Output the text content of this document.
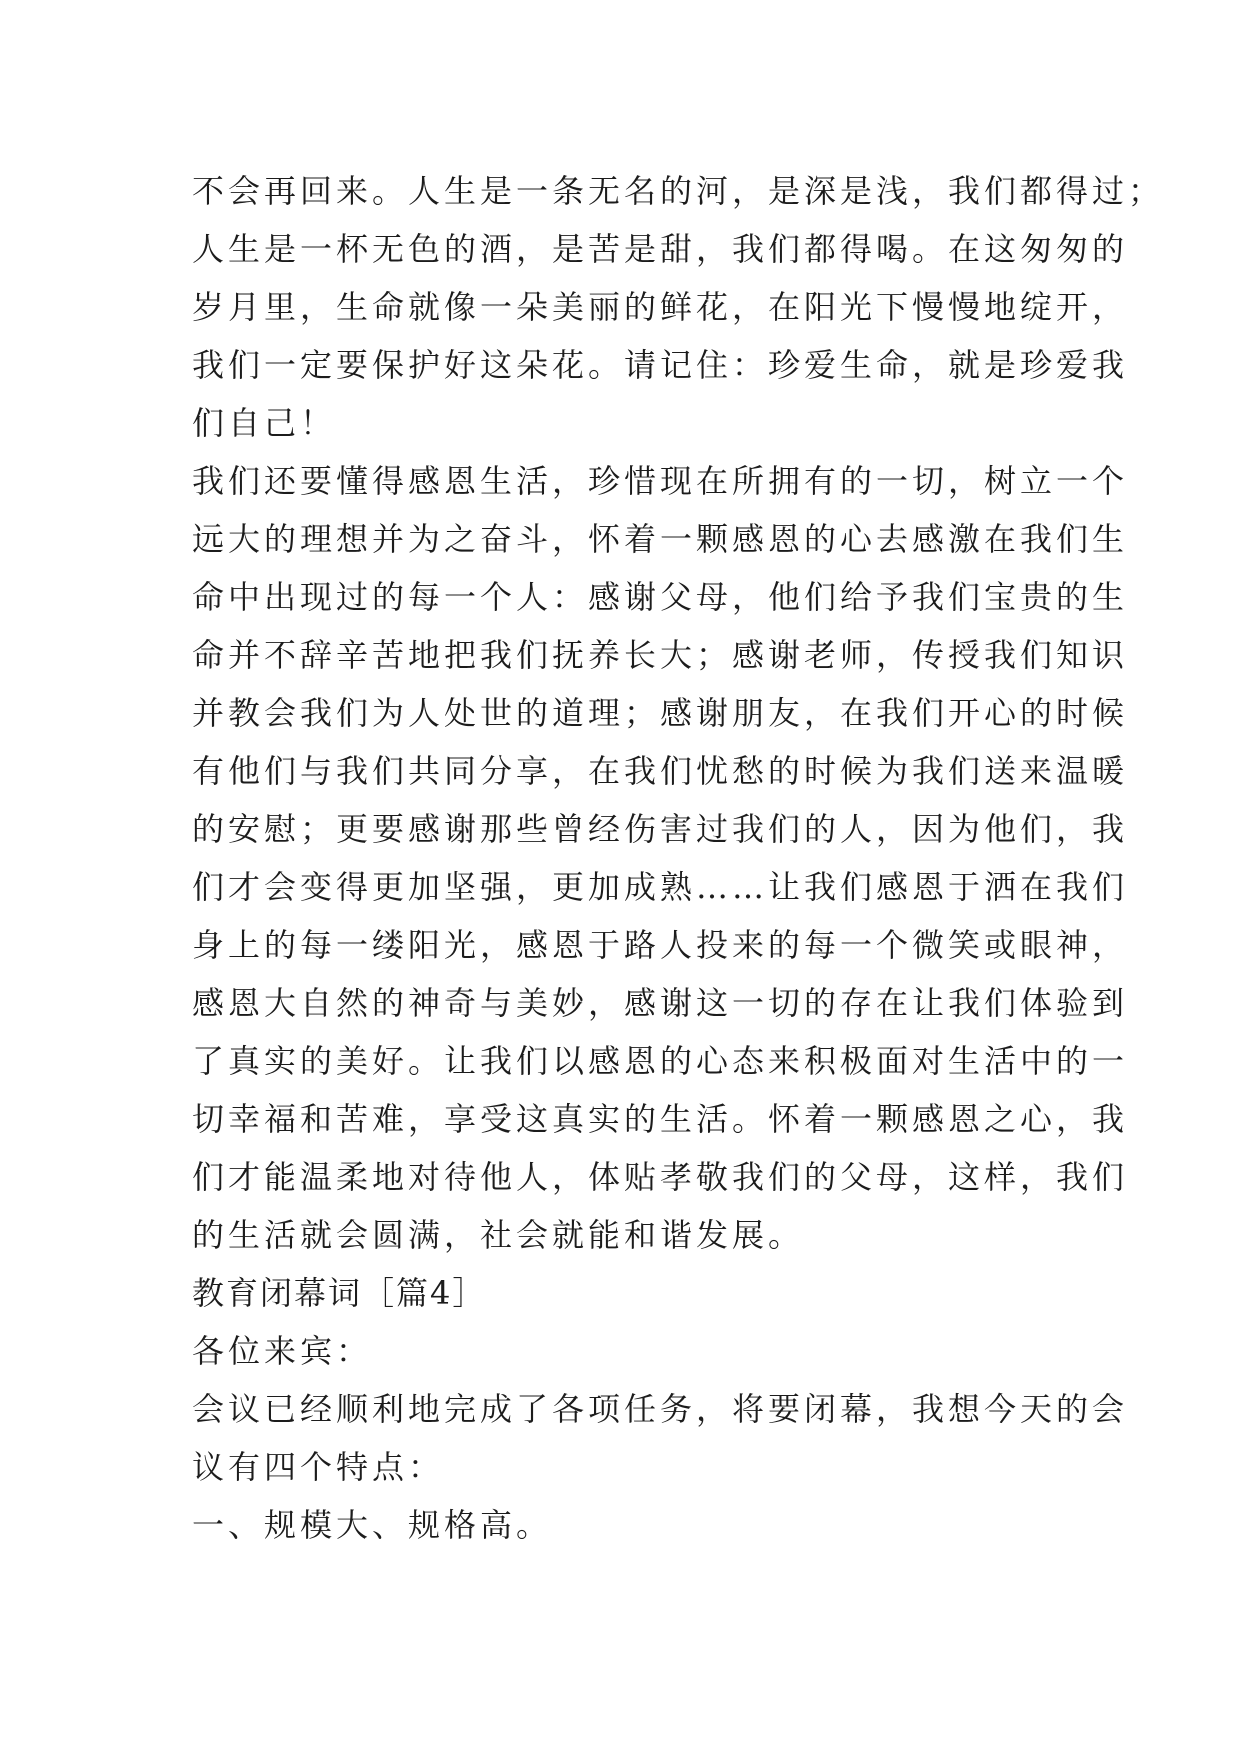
不会再回来。人生是一条无名的河，是深是浅，我们都得过；
人生是一杯无色的酒，是苦是甜，我们都得喝。在这匆匆的
岁月里，生命就像一朵美丽的鲜花，在阳光下慢慢地绽开，
我们一定要保护好这朵花。请记住：珍爱生命，就是珍爱我
们自己！
我们还要懂得感恩生活，珍惜现在所拥有的一切，树立一个
远大的理想并为之奋斗，怀着一颗感恩的心去感激在我们生
命中出现过的每一个人：感谢父母，他们给予我们宝贵的生
命并不辞辛苦地把我们抚养长大；感谢老师，传授我们知识
并教会我们为人处世的道理；感谢朋友，在我们开心的时候
有他们与我们共同分享，在我们忧愁的时候为我们送来温暖
的安慰；更要感谢那些曾经伤害过我们的人，因为他们，我
们才会变得更加坚强，更加成熟……让我们感恩于洒在我们
身上的每一缕阳光，感恩于路人投来的每一个微笑或眼神，
感恩大自然的神奇与美妙，感谢这一切的存在让我们体验到
了真实的美好。让我们以感恩的心态来积极面对生活中的一
切幸福和苦难，享受这真实的生活。怀着一颗感恩之心，我
们才能温柔地对待他人，体贴孝敬我们的父母，这样，我们
的生活就会圆满，社会就能和谐发展。
教育闭幕词［篇4］
各位来宾：
会议已经顺利地完成了各项任务，将要闭幕，我想今天的会
议有四个特点：
一、规模大、规格高。
